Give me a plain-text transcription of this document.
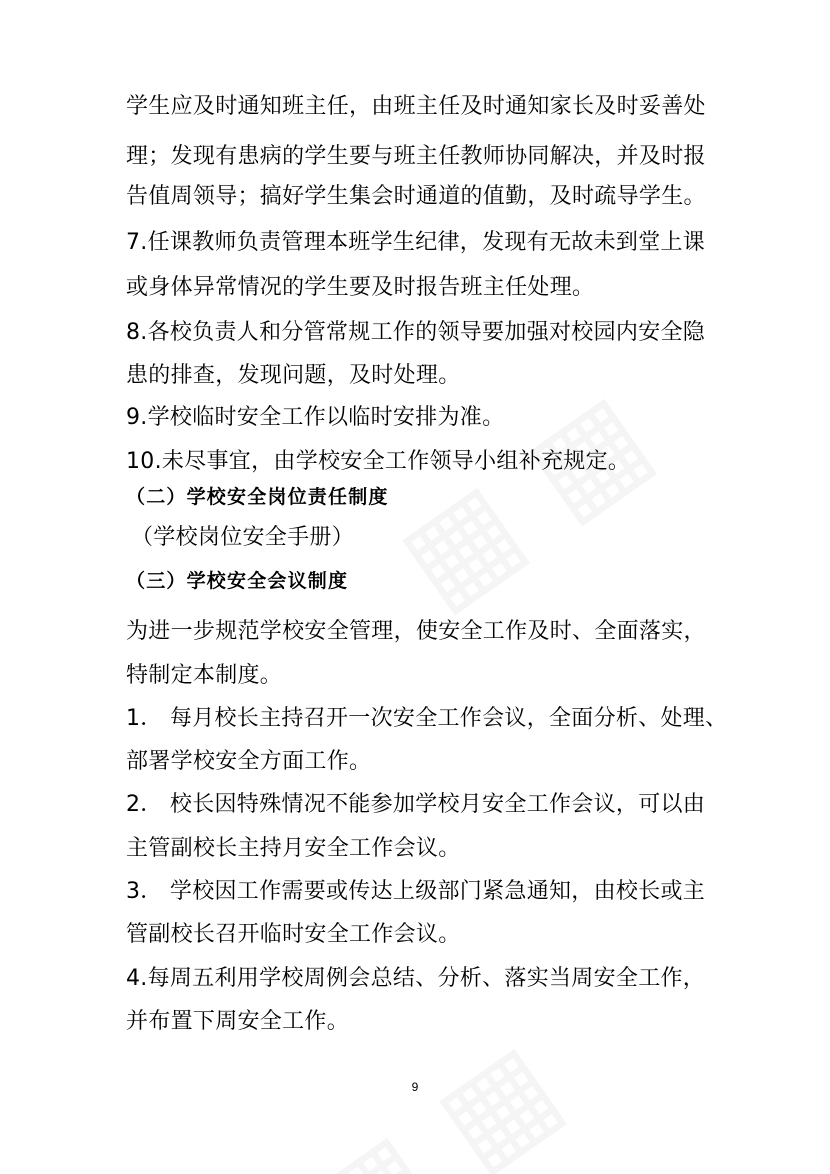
学生应及时通知班主任，由班主任及时通知家长及时妥善处
理；发现有患病的学生要与班主任教师协同解决，并及时报
告值周领导；搞好学生集会时通道的值勤，及时疏导学生。
7.任课教师负责管理本班学生纪律，发现有无故未到堂上课
或身体异常情况的学生要及时报告班主任处理。
8.各校负责人和分管常规工作的领导要加强对校园内安全隐
患的排查，发现问题，及时处理。
9.学校临时安全工作以临时安排为准。
10.未尽事宜，由学校安全工作领导小组补充规定。
（二）学校安全岗位责任制度
（学校岗位安全手册）
（三）学校安全会议制度
为进一步规范学校安全管理，使安全工作及时、全面落实，
特制定本制度。
1． 每月校长主持召开一次安全工作会议，全面分析、处理、
部署学校安全方面工作。
2． 校长因特殊情况不能参加学校月安全工作会议，可以由
主管副校长主持月安全工作会议。
3． 学校因工作需要或传达上级部门紧急通知，由校长或主
管副校长召开临时安全工作会议。
4.每周五利用学校周例会总结、分析、落实当周安全工作，
并布置下周安全工作。
9
